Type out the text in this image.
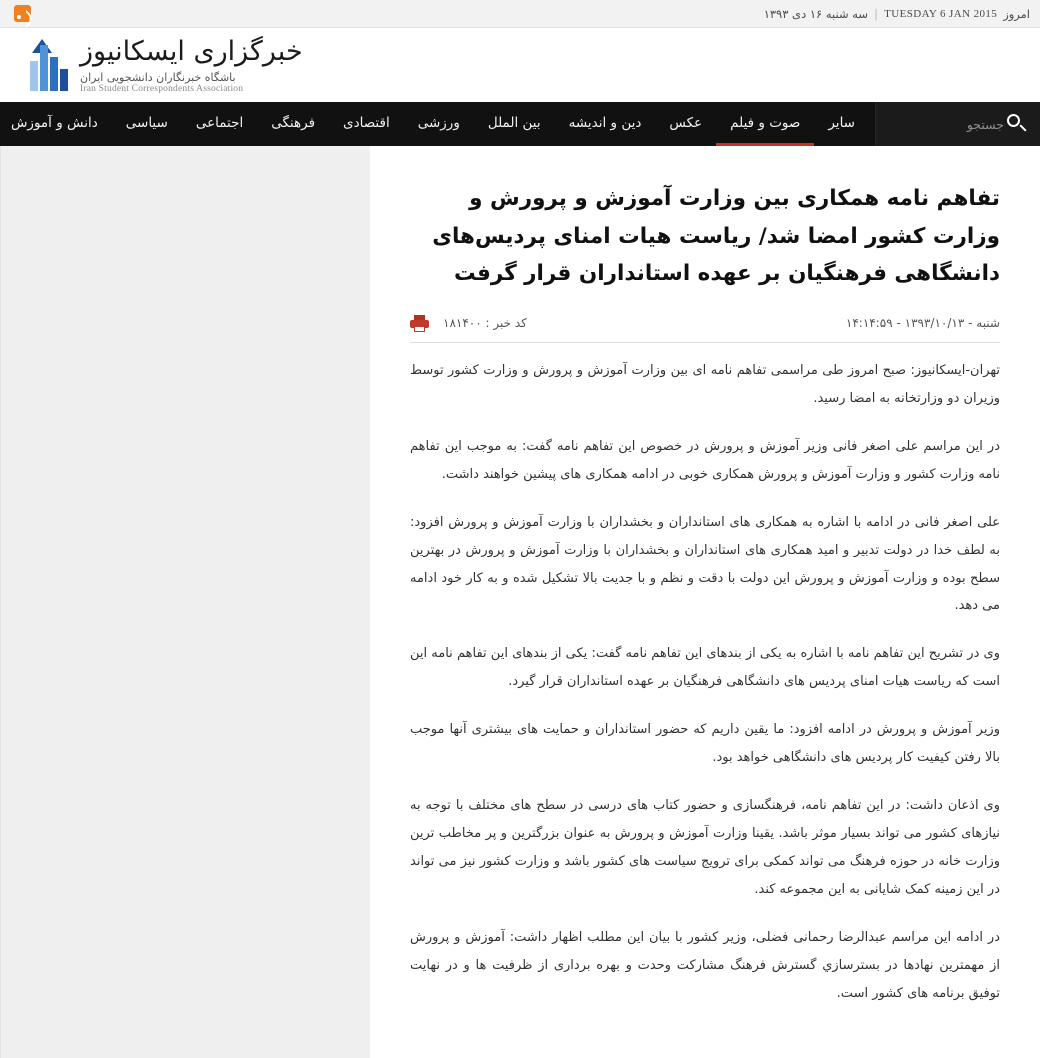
امروز
TUESDAY 6 JAN 2015
|
سه شنبه ۱۶ دی ۱۳۹۳
خبرگزاری ایسکانیوز
باشگاه خبرنگاران دانشجویی ایران
Iran Student Correspondents Association
جستجو
سایر
صوت و فیلم
عکس
دین و اندیشه
بین الملل
ورزشی
اقتصادی
فرهنگی
اجتماعی
سیاسی
دانش و آموزش
تفاهم نامه همکاری بین وزارت آموزش و پرورش و وزارت کشور امضا شد/ ریاست هیات امنای پردیس‌های دانشگاهی فرهنگیان بر عهده استانداران قرار گرفت
شنبه - ۱۳۹۳/۱۰/۱۳ - ۱۴:۱۴:۵۹
کد خبر : ۱۸۱۴۰۰

تهران-ایسکانیوز: صبح امروز طی مراسمی تفاهم نامه ای بین وزارت آموزش و پرورش و وزارت کشور توسط وزیران دو وزارتخانه به امضا رسید.

در این مراسم علی اصغر فانی وزیر آموزش و پرورش در خصوص این تفاهم نامه گفت: به موجب این تفاهم نامه وزارت کشور و وزارت آموزش و پرورش همکاری خوبی در ادامه همکاری های پیشین خواهند داشت.

علی اصغر فانی در ادامه با اشاره به همکاری های استانداران و بخشداران با وزارت آموزش و پرورش افزود: به لطف خدا در دولت تدبیر و امید همکاری های استانداران و بخشداران با وزارت آموزش و پرورش در بهترین سطح بوده و وزارت آموزش و پرورش این دولت با دقت و نظم و با جدیت بالا تشکیل شده و به کار خود ادامه می دهد.

وی در تشریح این تفاهم نامه با اشاره به یکی از بندهای این تفاهم نامه گفت: یکی از بندهای این تفاهم نامه این است که ریاست هیات امنای پردیس های دانشگاهی فرهنگیان بر عهده استانداران قرار گیرد.

وزیر آموزش و پرورش در ادامه افزود: ما یقین داریم که حضور استانداران و حمایت های بیشتری آنها موجب بالا رفتن کیفیت کار پردیس های دانشگاهی خواهد بود.

وی اذعان داشت: در این تفاهم نامه، فرهنگسازی و حضور کتاب های درسی در سطح های مختلف با توجه به نیازهای کشور می تواند بسیار موثر باشد. یقینا وزارت آموزش و پرورش به عنوان بزرگترین و پر مخاطب ترین وزارت خانه در حوزه فرهنگ می تواند کمکی برای ترویج سیاست های کشور باشد و وزارت کشور نیز می تواند در این زمینه کمک شایانی به این مجموعه کند.

در ادامه این مراسم عبدالرضا رحمانی فضلی، وزیر کشور با بیان این مطلب اظهار داشت: آموزش و پرورش از مهمترین نهادها در بسترسازي گسترش فرهنگ مشارکت وحدت و بهره برداری از ظرفیت ها و در نهایت توفیق برنامه های کشور است.
